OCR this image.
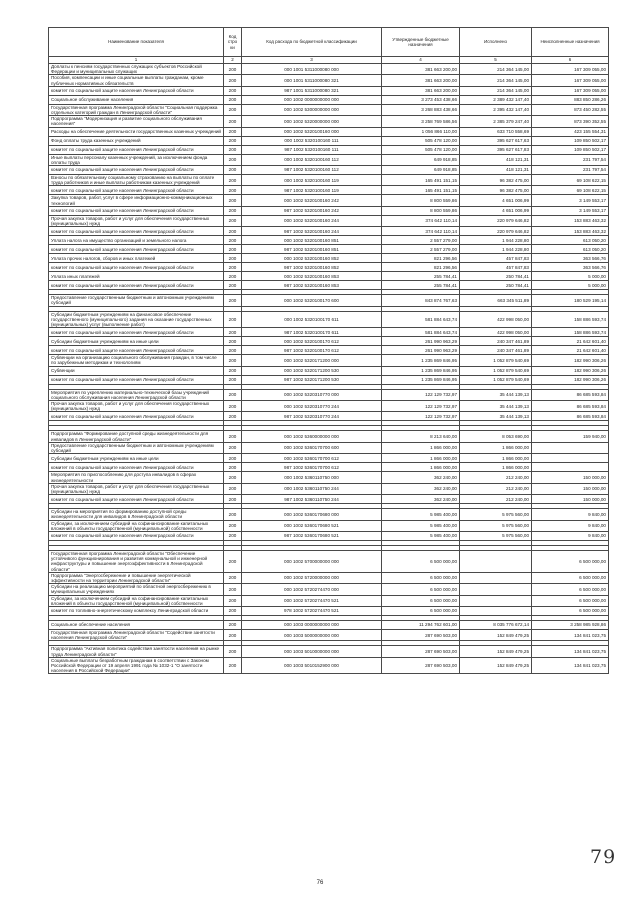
Наименование показателя	Код стро ки	Код расхода по бюджетной классификации	Утвержденные бюджетные назначения	Исполнено	Неисполненные назначения
1	2	3	4	5	6
Доплаты к пенсиям государственных служащих субъектов Российской Федерации и муниципальных служащих	200	000 1001 5311000080 000	381 663 200,00	214 364 145,00	167 309 055,00
Пособия, компенсации и иные социальные выплаты гражданам, кроме публичных нормативных обязательств	200	000 1001 5311000080 321	381 663 200,00	214 364 145,00	167 309 055,00
комитет по социальной защите населения Ленинградской области	200	987 1001 5311000080 321	381 663 200,00	214 364 145,00	167 309 055,00
Социальное обслуживание населения	200	000 1002 0000000000 000	3 273 453 438,66	2 389 432 147,40	883 850 286,26
Государственная программа Ленинградской области "Социальная поддержка отдельных категорий граждан в Ленинградской области"	200	000 1002 5300000000 000	3 268 883 438,66	2 395 432 147,40	873 450 282,55
Подпрограмма "Модернизация и развитие социального обслуживания населения"	200	000 1002 5320000000 000	3 258 769 586,56	2 385 379 247,40	873 390 352,55
Расходы на обеспечение деятельности государственных казенных учреждений	200	000 1002 5320100160 000	1 056 866 110,00	633 710 558,69	423 155 554,31
Фонд оплаты труда казенных учреждений	200	000 1002 5320100160 111	505 478 120,00	395 627 617,63	109 850 502,17
комитет по социальной защите населения Ленинградской области	200	987 1002 5320100160 111	505 478 120,00	395 627 617,83	109 850 502,17
Иные выплаты персоналу казенных учреждений, за исключением фонда оплаты труда	200	000 1002 5320100160 112	649 918,85	418 121,31	231 797,54
комитет по социальной защите населения Ленинградской области	200	987 1002 5320100160 112	649 918,85	418 121,31	231 797,54
Взносы по обязательному социальному страхованию на выплаты по оплате труда работников и иные выплаты работникам казенных учреждений	200	000 1002 5320100160 119	165 491 151,15	96 382 475,00	69 108 622,15
комитет по социальной защите населения Ленинградской области	200	987 1002 5320100160 119	165 491 151,15	96 382 475,00	69 108 622,15
Закупка товаров, работ, услуг в сфере информационно-коммуникационных технологий	200	000 1002 5320100160 242	8 800 559,86	4 651 006,99	3 149 553,17
комитет по социальной защите населения Ленинградской области	200	987 1002 5320100160 242	8 800 559,86	4 651 006,99	3 149 553,17
Прочая закупка товаров, работ и услуг для обеспечения государственных (муниципальных) нужд	200	000 1002 5320100160 244	374 642 110,14	220 979 646,82	153 883 463,32
комитет по социальной защите населения Ленинградской области	200	987 1002 5320100160 244	374 642 110,14	220 979 646,82	153 883 463,32
Уплата налога на имущество организаций и земельного налога	200	000 1002 5320100160 851	2 557 279,00	1 944 228,80	613 050,20
комитет по социальной защите населения Ленинградской области	200	987 1002 5320100160 851	2 557 279,00	1 944 228,80	613 050,20
Уплата прочих налогов, сборов и иных платежей	200	000 1002 5320100160 852	821 296,56	457 847,83	363 566,76
комитет по социальной защите населения Ленинградской области	200	987 1002 5320100160 852	821 296,56	457 847,83	363 566,76
Уплата иных платежей	200	000 1002 5320100160 853	255 784,41	250 784,41	5 000,00
комитет по социальной защите населения Ленинградской области	200	987 1002 5320100160 853	255 784,41	250 784,41	5 000,00

Предоставление государственным бюджетным и автономным учреждениям субсидий	200	000 1002 5320100170 600	843 874 767,63	663 345 511,89	180 529 195,14

Субсидии бюджетным учреждениям на финансовое обеспечение государственного (муниципального) задания на оказание государственных (муниципальных) услуг (выполнение работ)	200	000 1002 5320100170 611	581 884 643,74	422 998 050,00	158 886 593,74
комитет по социальной защите населения Ленинградской области	200	987 1002 5320100170 611	581 884 643,74	422 998 050,00	158 886 593,74
Субсидии бюджетным учреждениям на иные цели	200	000 1002 5320100170 612	261 990 963,29	240 347 461,89	21 642 601,40
комитет по социальной защите населения Ленинградской области	200	987 1002 5320100170 612	261 990 963,29	240 347 461,89	21 642 601,40
Субвенции на организацию социального обслуживания граждан, в том числе по зарубежным методикам и технологиям	200	000 1002 5320171200 000	1 235 869 846,95	1 052 879 540,69	182 990 306,26
Субвенции	200	000 1002 5320171200 530	1 235 869 846,95	1 052 879 540,69	182 990 306,26
комитет по социальной защите населения Ленинградской области	200	987 1002 5320171200 530	1 235 869 846,95	1 052 879 540,69	182 990 306,26

Мероприятия по укреплению материально-технической базы учреждений социального обслуживания населения Ленинградской области	200	000 1002 5320310770 000	122 129 732,97	35 444 139,13	86 685 593,84
Прочая закупка товаров, работ и услуг для обеспечения государственных (муниципальных) нужд	200	000 1002 5320310770 244	122 129 732,97	35 444 139,13	86 685 593,84
комитет по социальной защите населения Ленинградской области	200	987 1002 5320310770 244	122 129 732,97	35 444 139,13	86 685 593,84

Подпрограмма "Формирование доступной среды жизнедеятельности для инвалидов в Ленинградской области"	200	000 1002 5360000000 000	8 213 640,00	8 053 690,00	159 940,00
Предоставление государственным бюджетным и автономным учреждениям субсидий	200	000 1002 5360170700 600	1 866 000,00	1 866 000,00	
Субсидии бюджетным учреждениям на иные цели	200	000 1002 5360170700 612	1 866 000,00	1 866 000,00	
комитет по социальной защите населения Ленинградской области	200	987 1002 5360170700 612	1 866 000,00	1 866 000,00	
Мероприятия по приспособлению для доступа инвалидов в сферах жизнедеятельности	200	000 1002 5360110750 000	362 240,00	212 240,00	150 000,00
Прочая закупка товаров, работ и услуг для обеспечения государственных (муниципальных) нужд	200	000 1002 5360110750 244	362 240,00	212 240,00	150 000,00
комитет по социальной защите населения Ленинградской области	200	987 1002 5360110750 244	362 240,00	212 240,00	150 000,00

Субсидии на мероприятия по формированию доступной среды жизнедеятельности для инвалидов в Ленинградской области	200	000 1002 5360170680 000	5 985 400,00	5 975 560,00	9 840,00
Субсидии, за исключением субсидий на софинансирование капитальных вложений в объекты государственной (муниципальной) собственности	200	000 1002 5360170680 521	5 985 400,00	5 975 560,00	9 840,00
комитет по социальной защите населения Ленинградской области	200	987 1002 5360170680 521	5 985 400,00	5 975 560,00	9 840,00

Государственная программа Ленинградской области "Обеспечение устойчивого функционирования и развития коммунальной и инженерной инфраструктуры и повышение энергоэффективности в Ленинградской области"	200	000 1002 5700000000 000	6 500 000,00		6 500 000,00
Подпрограмма "Энергосбережение и повышение энергетической эффективности на территории Ленинградской области"	200	000 1002 5720000000 000	6 500 000,00		6 500 000,00
Субсидии на реализацию мероприятий по областной энергосбережению в муниципальных учреждениях	200	000 1002 5720274470 000	6 500 000,00		6 500 000,00
Субсидии, за исключением субсидий на софинансирование капитальных вложений в объекты государственной (муниципальной) собственности	200	000 1002 5720274470 521	6 500 000,00		6 500 000,00
комитет по топливно-энергетическому комплексу Ленинградской области	200	978 1002 5720274470 521	6 500 000,00		6 500 000,00

Социальное обеспечение населения	200	000 1003 0000000000 000	11 294 762 601,00	8 035 776 672,14	3 258 985 928,86
Государственная программа Ленинградской области "Содействие занятости населения Ленинградской области"	200	000 1003 5000000000 000	287 690 503,00	152 849 479,25	134 841 023,75

Подпрограмма "Активная политика содействия занятости населения на рынке труда Ленинградской области"	200	000 1003 5010000000 000	287 690 503,00	152 849 479,25	134 841 023,75
Социальные выплаты безработным гражданам в соответствии с Законом Российской Федерации от 19 апреля 1991 года № 1032-1 "О занятости населения в Российской Федерации"	200	000 1003 5010152900 000	287 690 503,00	152 849 479,25	134 841 023,75
76
79
